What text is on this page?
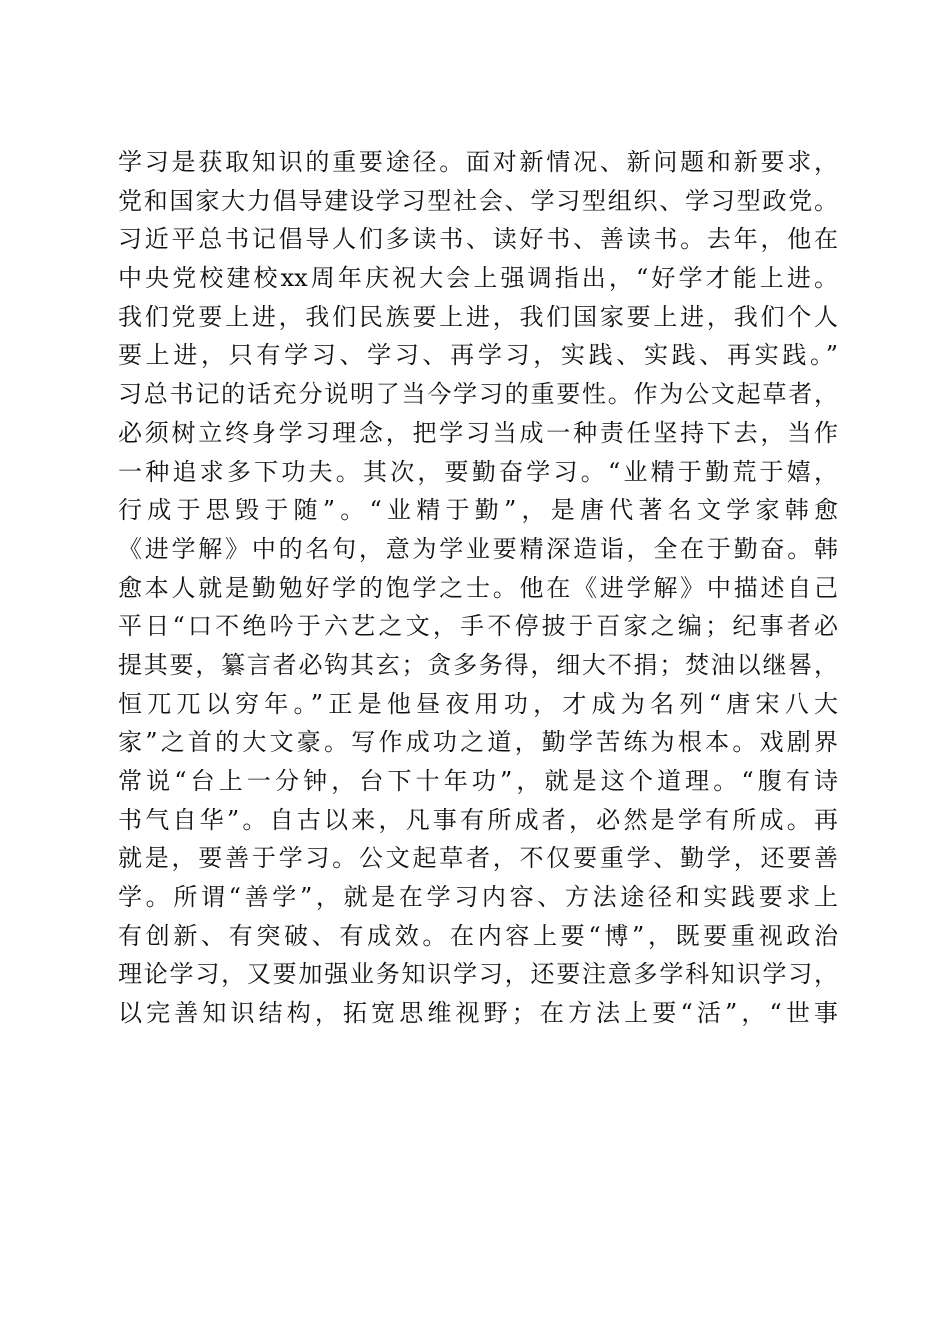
学习是获取知识的重要途径。面对新情况、新问题和新要求，
党和国家大力倡导建设学习型社会、学习型组织、学习型政党。
习近平总书记倡导人们多读书、读好书、善读书。去年，他在
中央党校建校xx周年庆祝大会上强调指出，“好学才能上进。
我们党要上进，我们民族要上进，我们国家要上进，我们个人
要上进，只有学习、学习、再学习，实践、实践、再实践。”
习总书记的话充分说明了当今学习的重要性。作为公文起草者，
必须树立终身学习理念，把学习当成一种责任坚持下去，当作
一种追求多下功夫。其次，要勤奋学习。“业精于勤荒于嬉，
行成于思毁于随”。“业精于勤”，是唐代著名文学家韩愈
《进学解》中的名句，意为学业要精深造诣，全在于勤奋。韩
愈本人就是勤勉好学的饱学之士。他在《进学解》中描述自己
平日“口不绝吟于六艺之文，手不停披于百家之编；纪事者必
提其要，纂言者必钩其玄；贪多务得，细大不捐；焚油以继晷，
恒兀兀以穷年。”正是他昼夜用功，才成为名列“唐宋八大
家”之首的大文豪。写作成功之道，勤学苦练为根本。戏剧界
常说“台上一分钟，台下十年功”，就是这个道理。“腹有诗
书气自华”。自古以来，凡事有所成者，必然是学有所成。再
就是，要善于学习。公文起草者，不仅要重学、勤学，还要善
学。所谓“善学”，就是在学习内容、方法途径和实践要求上
有创新、有突破、有成效。在内容上要“博”，既要重视政治
理论学习，又要加强业务知识学习，还要注意多学科知识学习，
以完善知识结构，拓宽思维视野；在方法上要“活”，“世事
